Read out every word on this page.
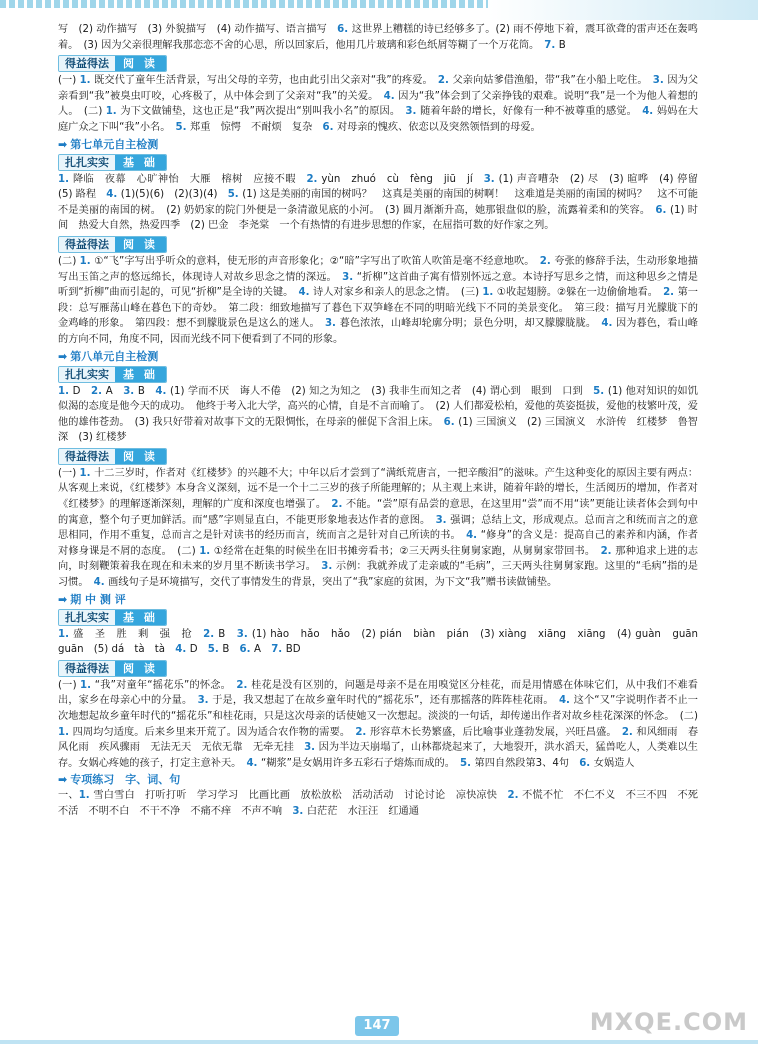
写　(2) 动作描写　(3) 外貌描写　(4) 动作描写、语言描写　6. 这世界上糟糕的诗已经够多了。(2) 雨不停地下着，震耳欲聋的雷声还在轰鸣着。　(3) 因为父亲很理解我那恋恋不舍的心思，所以回家后，他用几片玻璃和彩色纸屑等糊了一个万花筒。　7. B

得益得法	阅 读

(一) 1. 既交代了童年生活背景，写出父母的辛劳，也由此引出父亲对“我”的疼爱。　2. 父亲向姑爹借渔船，带“我”在小船上吃住。　3. 因为父亲看到“我”被臭虫叮咬，心疼极了，从中体会到了父亲对“我”的关爱。　4. 因为“我”体会到了父亲挣钱的艰难。说明“我”是一个为他人着想的人。　(二) 1. 为下文做铺垫，这也正是“我”两次提出“别叫我小名”的原因。　3. 随着年龄的增长，好像有一种不被尊重的感觉。　4. 妈妈在大庭广众之下叫“我”小名。　5. 郑重　惊愕　不耐烦　复杂　6. 对母亲的愧疚、依恋以及突然领悟到的母爱。

➡ 第七单元自主检测
扎扎实实	基 础

1. 降临　夜幕　心旷神怡　大雁　榕树　应接不暇　2. yùn　zhuó　cù　fèng　jiū　jí　3. (1) 声音嘈杂　(2) 尽　(3) 暄哗　(4) 停留　(5) 路程　4. (1)(5)(6)　(2)(3)(4)　5. (1) 这是美丽的南国的树吗？　这真是美丽的南国的树啊！　这难道是美丽的南国的树吗？　这不可能不是美丽的南国的树。　(2) 奶奶家的院门外便是一条清澈见底的小河。　(3) 圆月渐渐升高，她那银盘似的脸，流露着柔和的笑容。　6. (1) 时间　热爱大自然，热爱四季　(2) 巴金　李尧棠　一个有热情的有进步思想的作家，在屈指可数的好作家之列。

得益得法	阅 读

(二) 1. ①“飞”字写出乎听众的意料，使无形的声音形象化；②“暗”字写出了吹笛人吹笛是毫不经意地吹。　2. 夸张的修辞手法，生动形象地描写出玉笛之声的悠远绵长，体现诗人对故乡思念之情的深远。　3. “折柳”这首曲子寓有惜别怀远之意。本诗抒写思乡之情，而这种思乡之情是听到“折柳”曲而引起的，可见“折柳”是全诗的关键。　4. 诗人对家乡和亲人的思念之情。　(三) 1. ①收起翅膀。②躲在一边偷偷地看。　2. 第一段：总写雁荡山峰在暮色下的奇妙。　第二段：细致地描写了暮色下双笋峰在不同的明暗光线下不同的美景变化。　第三段：描写月光朦胧下的金鸡峰的形象。　第四段：想不到朦胧景色是这么的迷人。　3. 暮色浓浓，山峰却轮廓分明；景色分明，却又朦朦胧胧。　4. 因为暮色，看山峰的方向不同，角度不同，因而光线不同下便看到了不同的形象。

➡ 第八单元自主检测
扎扎实实	基 础

1. D　2. A　3. B　4. (1) 学而不厌　诲人不倦　(2) 知之为知之　(3) 我非生而知之者　(4) 谓心到　眼到　口到　5. (1) 他对知识的如饥似渴的态度是他今天的成功。　他终于考入北大学，高兴的心情，自是不言而喻了。　(2) 人们都爱松柏，爱他的英姿挺拔，爱他的枝繁叶茂，爱他的雄伟苍劲。　(3) 我只好带着对故事下文的无限惆怅，在母亲的催促下含泪上床。　6. (1) 三国演义　(2) 三国演义　水浒传　红楼梦　鲁智深　(3) 红楼梦

得益得法	阅 读

(一) 1. 十二三岁时，作者对《红楼梦》的兴趣不大；中年以后才尝到了“满纸荒唐言，一把辛酸泪”的滋味。产生这种变化的原因主要有两点：从客观上来说，《红楼梦》本身含义深刻，远不是一个十二三岁的孩子所能理解的；从主观上来讲，随着年龄的增长，生活阅历的增加，作者对《红楼梦》的理解逐渐深刻，理解的广度和深度也增强了。　2. 不能。“尝”原有品尝的意思，在这里用“尝”而不用“读”更能让读者体会到句中的寓意，整个句子更加鲜活。而“感”字则显直白，不能更形象地表达作者的意图。　3. 强调；总结上文，形成观点。总而言之和统而言之的意思相同，作用不重复，总而言之是针对读书的经历而言，统而言之是针对自己所读的书。　4. “修身”的含义是：提高自己的素养和内涵，作者对修身课是不屑的态度。　(二) 1. ①经常在赶集的时候坐在旧书摊旁看书；②三天两头往舅舅家跑，从舅舅家带回书。　2. 那种追求上进的志向，时刻鞭策着我在现在和未来的岁月里不断读书学习。　3. 示例：我就养成了走亲戚的“毛病”，三天两头往舅舅家跑。这里的“毛病”指的是习惯。　4. 画线句子是环境描写，交代了事情发生的背景，突出了“我”家庭的贫困，为下文“我”赠书读做铺垫。

➡ 期 中 测 评
扎扎实实	基 础

1. 盛　圣　胜　剩　强　抢　2. B　3. (1) hào　hǎo　hǎo　(2) pián　biàn　pián　(3) xiàng　xiāng　xiāng　(4) guàn　guān　guān　(5) dá　tà　tà　4. D　5. B　6. A　7. BD

得益得法	阅 读

(一) 1. “我”对童年“摇花乐”的怀念。　2. 桂花是没有区别的，问题是母亲不是在用嗅觉区分桂花，而是用情感在体味它们，从中我们不难看出，家乡在母亲心中的分量。　3. 于是，我又想起了在故乡童年时代的“摇花乐”，还有那摇落的阵阵桂花雨。　4. 这个“又”字说明作者不止一次地想起故乡童年时代的“摇花乐”和桂花雨，只是这次母亲的话使她又一次想起。淡淡的一句话，却传递出作者对故乡桂花深深的怀念。　(二) 1. 四周均匀适度。后来乡里来开荒了。因为适合农作物的需要。　2. 形容草木长势繁盛，后比喻事业蓬勃发展，兴旺昌盛。　2. 和风细雨　春风化雨　疾风骤雨　无法无天　无依无靠　无牵无挂　3. 因为半边天崩塌了，山林都烧起来了，大地裂开，洪水滔天，猛兽吃人，人类难以生存。女娲心疼她的孩子，打定主意补天。　4. “糊浆”是女娲用许多五彩石子熔炼而成的。　5. 第四自然段第3、4句　6. 女娲造人

➡ 专项练习　字、词、句

一、1. 雪白雪白　打听打听　学习学习　比画比画　放松放松　活动活动　讨论讨论　凉快凉快　2. 不慌不忙　不仁不义　不三不四　不死不活　不明不白　不干不净　不痛不痒　不声不响　3. 白茫茫　水汪汪　红通通

147	MXQE.COM
